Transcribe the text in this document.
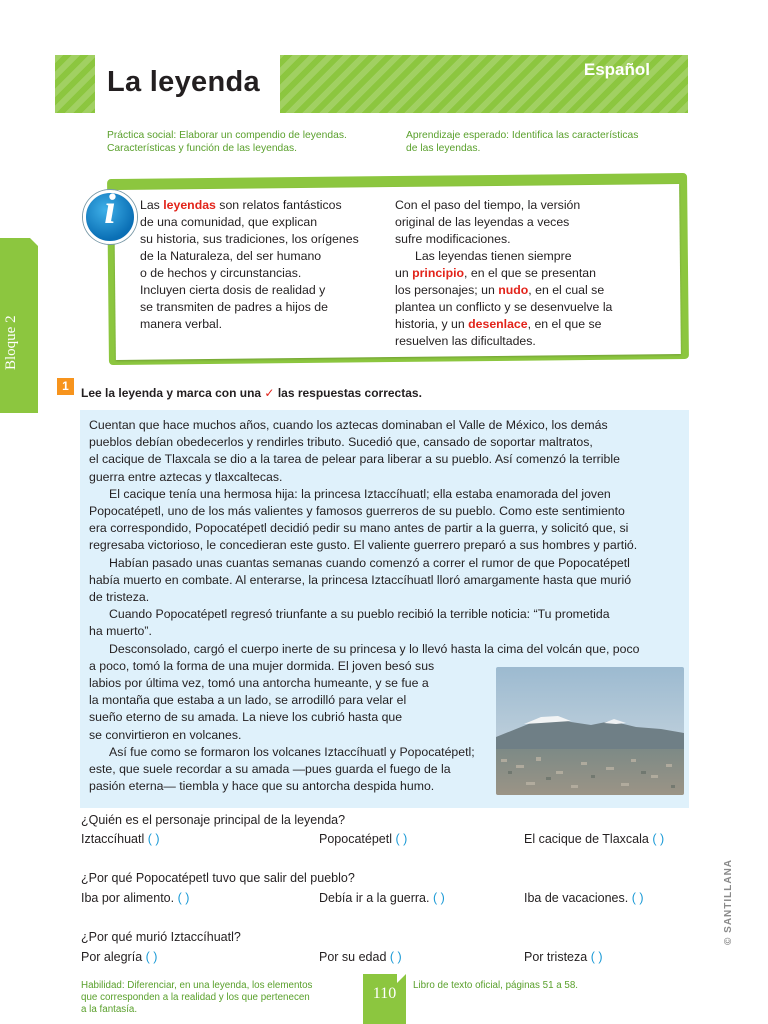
La leyenda	Español
Práctica social: Elaborar un compendio de leyendas.
Características y función de las leyendas.
Aprendizaje esperado: Identifica las características
de las leyendas.
Bloque 2
i	Las leyendas son relatos fantásticos

de una comunidad, que explican

su historia, sus tradiciones, los orígenes

de la Naturaleza, del ser humano

o de hechos y circunstancias.

Incluyen cierta dosis de realidad y

se transmiten de padres a hijos de

manera verbal.

Con el paso del tiempo, la versión

original de las leyendas a veces

sufre modificaciones.

Las leyendas tienen siempre

un principio, en el que se presentan

los personajes; un nudo, en el cual se

plantea un conflicto y se desenvuelve la

historia, y un desenlace, en el que se

resuelven las dificultades.

1	Lee la leyenda y marca con una ✓ las respuestas correctas.

Cuentan que hace muchos años, cuando los aztecas dominaban el Valle de México, los demás

pueblos debían obedecerlos y rendirles tributo. Sucedió que, cansado de soportar maltratos,

el cacique de Tlaxcala se dio a la tarea de pelear para liberar a su pueblo. Así comenzó la terrible

guerra entre aztecas y tlaxcaltecas.

El cacique tenía una hermosa hija: la princesa Iztaccíhuatl; ella estaba enamorada del joven

Popocatépetl, uno de los más valientes y famosos guerreros de su pueblo. Como este sentimiento

era correspondido, Popocatépetl decidió pedir su mano antes de partir a la guerra, y solicitó que, si

regresaba victorioso, le concedieran este gusto. El valiente guerrero preparó a sus hombres y partió.

Habían pasado unas cuantas semanas cuando comenzó a correr el rumor de que Popocatépetl

había muerto en combate. Al enterarse, la princesa Iztaccíhuatl lloró amargamente hasta que murió

de tristeza.

Cuando Popocatépetl regresó triunfante a su pueblo recibió la terrible noticia: “Tu prometida

ha muerto”.

Desconsolado, cargó el cuerpo inerte de su princesa y lo llevó hasta la cima del volcán que, poco

a poco, tomó la forma de una mujer dormida. El joven besó sus

labios por última vez, tomó una antorcha humeante, y se fue a

la montaña que estaba a un lado, se arrodilló para velar el

sueño eterno de su amada. La nieve los cubrió hasta que

se convirtieron en volcanes.

Así fue como se formaron los volcanes Iztaccíhuatl y Popocatépetl;

este, que suele recordar a su amada —pues guarda el fuego de la

pasión eterna— tiembla y hace que su antorcha despida humo.

¿Quién es el personaje principal de la leyenda?
Iztaccíhuatl ( )	Popocatépetl ( )	El cacique de Tlaxcala ( )
¿Por qué Popocatépetl tuvo que salir del pueblo?
Iba por alimento. ( )	Debía ir a la guerra. ( )	Iba de vacaciones. ( )
¿Por qué murió Iztaccíhuatl?
Por alegría ( )	Por su edad ( )	Por tristeza ( )
Habilidad: Diferenciar, en una leyenda, los elementos
que corresponden a la realidad y los que pertenecen
a la fantasía.
110	Libro de texto oficial, páginas 51 a 58.
© SANTILLANA
